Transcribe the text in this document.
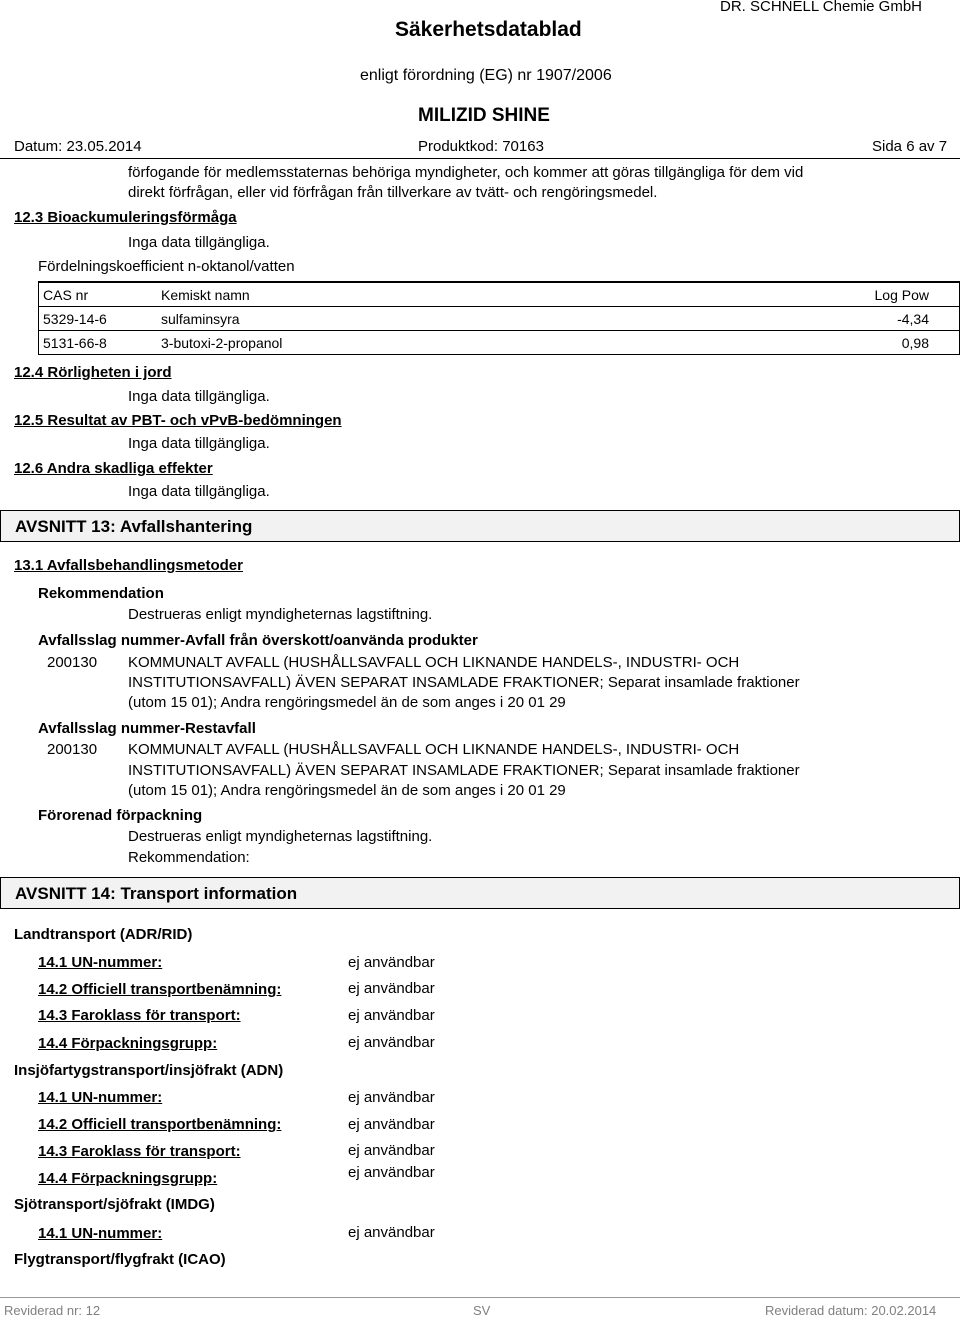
Säkerhetsdatablad
DR. SCHNELL Chemie GmbH
enligt förordning (EG) nr 1907/2006
MILIZID SHINE
Datum: 23.05.2014	Produktkod: 70163	Sida 6 av 7
förfogande för medlemsstaternas behöriga myndigheter, och kommer att göras tillgängliga för dem vid
direkt förfrågan, eller vid förfrågan från tillverkare av tvätt- och rengöringsmedel.
12.3 Bioackumuleringsförmåga
Inga data tillgängliga.
Fördelningskoefficient n-oktanol/vatten
CAS nr	Kemiskt namn	Log Pow
5329-14-6	sulfaminsyra	-4,34
5131-66-8	3-butoxi-2-propanol	0,98
12.4 Rörligheten i jord
Inga data tillgängliga.
12.5 Resultat av PBT- och vPvB-bedömningen
Inga data tillgängliga.
12.6 Andra skadliga effekter
Inga data tillgängliga.
AVSNITT 13: Avfallshantering
13.1 Avfallsbehandlingsmetoder
Rekommendation
Destrueras enligt myndigheternas lagstiftning.
Avfallsslag nummer-Avfall från överskott/oanvända produkter
200130 KOMMUNALT AVFALL (HUSHÅLLSAVFALL OCH LIKNANDE HANDELS-, INDUSTRI- OCH
INSTITUTIONSAVFALL) ÄVEN SEPARAT INSAMLADE FRAKTIONER; Separat insamlade fraktioner
(utom 15 01); Andra rengöringsmedel än de som anges i 20 01 29
Avfallsslag nummer-Restavfall
200130 KOMMUNALT AVFALL (HUSHÅLLSAVFALL OCH LIKNANDE HANDELS-, INDUSTRI- OCH
INSTITUTIONSAVFALL) ÄVEN SEPARAT INSAMLADE FRAKTIONER; Separat insamlade fraktioner
(utom 15 01); Andra rengöringsmedel än de som anges i 20 01 29
Förorenad förpackning
Destrueras enligt myndigheternas lagstiftning.
Rekommendation:
AVSNITT 14: Transport information
Landtransport (ADR/RID)
14.1 UN-nummer:	ej användbar
14.2 Officiell transportbenämning:	ej användbar
14.3 Faroklass för transport:	ej användbar
14.4 Förpackningsgrupp:	ej användbar
Insjöfartygstransport/insjöfrakt (ADN)
14.1 UN-nummer:	ej användbar
14.2 Officiell transportbenämning:	ej användbar
14.3 Faroklass för transport:	ej användbar
14.4 Förpackningsgrupp:	ej användbar
Sjötransport/sjöfrakt (IMDG)
14.1 UN-nummer:	ej användbar
Flygtransport/flygfrakt (ICAO)
Reviderad nr: 12	SV	Reviderad datum: 20.02.2014
